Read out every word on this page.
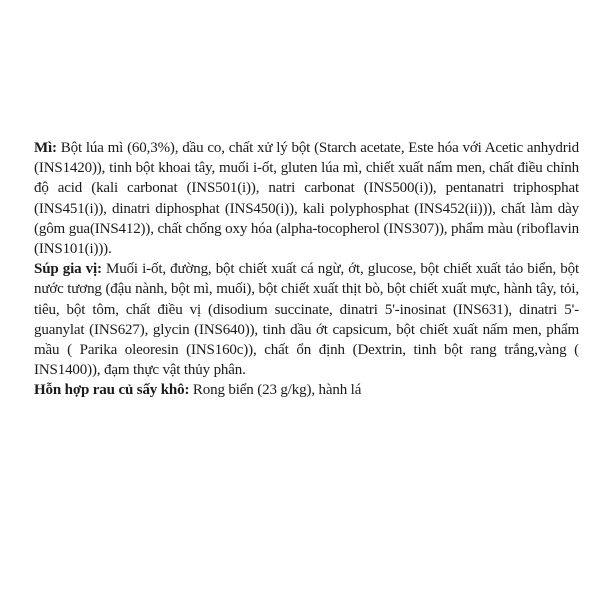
Mì: Bột lúa mì (60,3%), dầu co, chất xử lý bột (Starch acetate, Este hóa với Acetic anhydrid (INS1420)), tinh bột khoai tây, muối i-ốt, gluten lúa mì, chiết xuất nấm men, chất điều chỉnh độ acid (kali carbonat (INS501(i)), natri carbonat (INS500(i)), pentanatri triphosphat (INS451(i)), dinatri diphosphat (INS450(i)), kali polyphosphat (INS452(ii))), chất làm dày (gôm gua(INS412)), chất chống oxy hóa (alpha-tocopherol (INS307)), phẩm màu (riboflavin (INS101(i))).

Súp gia vị: Muối i-ốt, đường, bột chiết xuất cá ngừ, ớt, glucose, bột chiết xuất tảo biển, bột nước tương (đậu nành, bột mì, muối), bột chiết xuất thịt bò, bột chiết xuất mực, hành tây, tỏi, tiêu, bột tôm, chất điều vị (disodium succinate, dinatri 5'-inosinat (INS631), dinatri 5'-guanylat (INS627), glycin (INS640)), tinh dầu ớt capsicum, bột chiết xuất nấm men, phẩm mầu ( Parika oleoresin (INS160c)), chất ổn định (Dextrin, tinh bột rang trắng,vàng ( INS1400)), đạm thực vật thủy phân.

Hỗn hợp rau củ sấy khô: Rong biển (23 g/kg), hành lá
